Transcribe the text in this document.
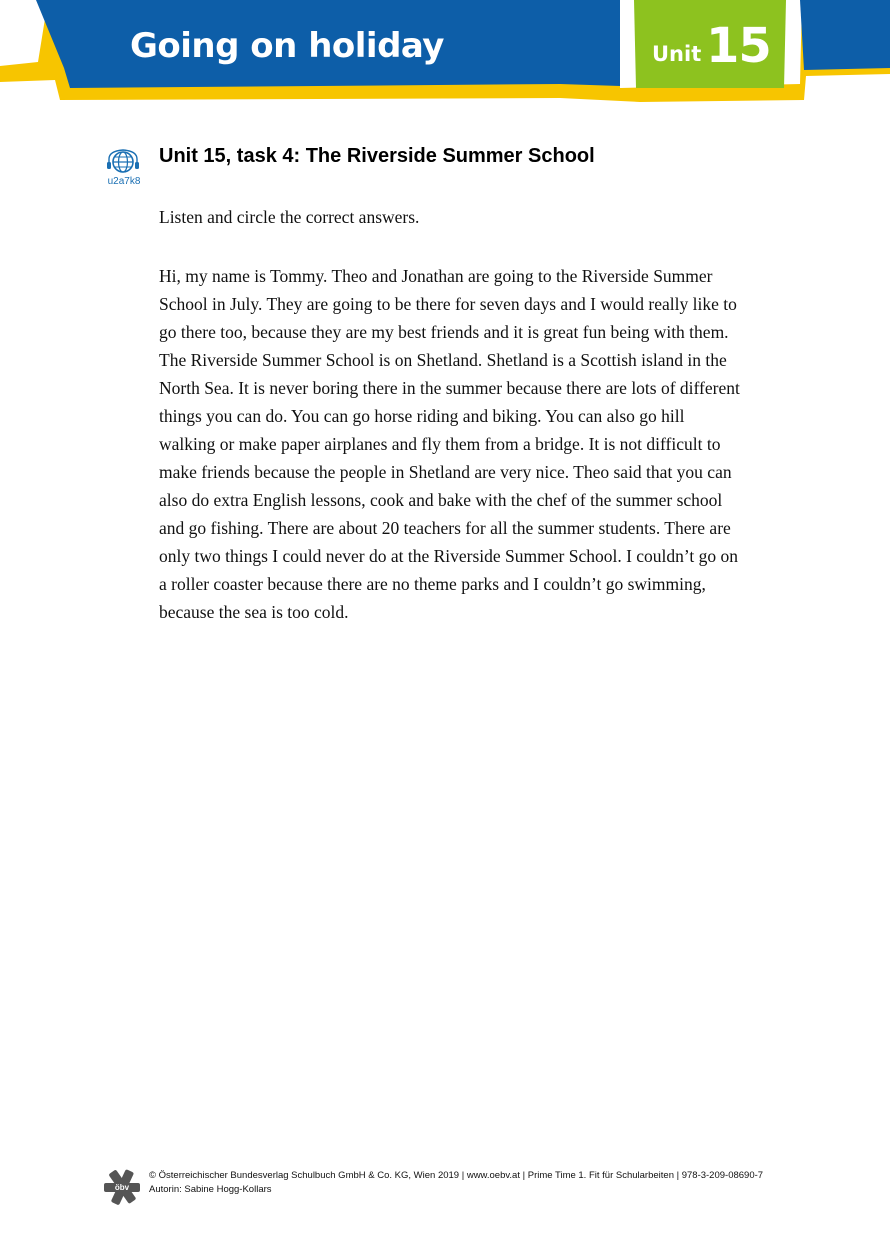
Going on holiday	Unit 15
u2a7k8
Unit 15, task 4: The Riverside Summer School
Listen and circle the correct answers.
Hi, my name is Tommy. Theo and Jonathan are going to the Riverside Summer
School in July. They are going to be there for seven days and I would really like to
go there too, because they are my best friends and it is great fun being with them.
The Riverside Summer School is on Shetland. Shetland is a Scottish island in the
North Sea. It is never boring there in the summer because there are lots of different
things you can do. You can go horse riding and biking. You can also go hill
walking or make paper airplanes and fly them from a bridge. It is not difficult to
make friends because the people in Shetland are very nice. Theo said that you can
also do extra English lessons, cook and bake with the chef of the summer school
and go fishing. There are about 20 teachers for all the summer students. There are
only two things I could never do at the Riverside Summer School. I couldn’t go on
a roller coaster because there are no theme parks and I couldn’t go swimming,
because the sea is too cold.
öbv
© Österreichischer Bundesverlag Schulbuch GmbH & Co. KG, Wien 2019 | www.oebv.at | Prime Time 1. Fit für Schularbeiten | 978-3-209-08690-7
Autorin: Sabine Hogg-Kollars
